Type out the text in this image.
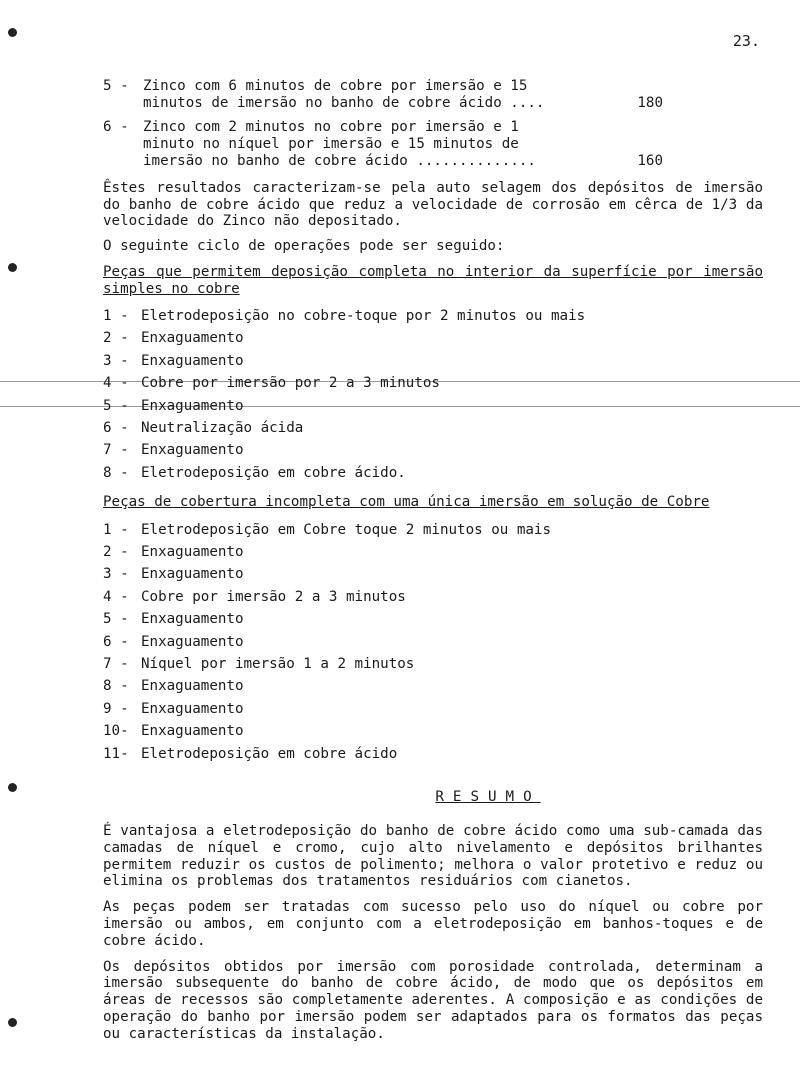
23.
5 -	Zinco com 6 minutos de cobre por imersão e 15
minutos de imersão no banho de cobre ácido ....	180
6 -	Zinco com 2 minutos no cobre por imersão e 1
minuto no níquel por imersão e 15 minutos de
imersão no banho de cobre ácido ..............	160
Êstes resultados caracterizam-se pela auto selagem dos depósitos de imersão do banho de cobre ácido que reduz a velocidade de corrosão em cêrca de 1/3 da velocidade do Zinco não depositado.
O seguinte ciclo de operações pode ser seguido:
Peças que permitem deposição completa no interior da superfície por imersão simples no cobre
1 - Eletrodeposição no cobre-toque por 2 minutos ou mais
2 - Enxaguamento
3 - Enxaguamento
4 - Cobre por imersão por 2 a 3 minutos
5 - Enxaguamento
6 - Neutralização ácida
7 - Enxaguamento
8 - Eletrodeposição em cobre ácido.
Peças de cobertura incompleta com uma única imersão em solução de Cobre
1 - Eletrodeposição em Cobre toque 2 minutos ou mais
2 - Enxaguamento
3 - Enxaguamento
4 - Cobre por imersão 2 a 3 minutos
5 - Enxaguamento
6 - Enxaguamento
7 - Níquel por imersão 1 a 2 minutos
8 - Enxaguamento
9 - Enxaguamento
10- Enxaguamento
11- Eletrodeposição em cobre ácido
RESUMO
É vantajosa a eletrodeposição do banho de cobre ácido como uma sub-camada das camadas de níquel e cromo, cujo alto nivelamento e depósitos brilhantes permitem reduzir os custos de polimento; melhora o valor protetivo e reduz ou elimina os problemas dos tratamentos residuários com cianetos.
As peças podem ser tratadas com sucesso pelo uso do níquel ou cobre por imersão ou ambos, em conjunto com a eletrodeposição em banhos-toques e de cobre ácido.
Os depósitos obtidos por imersão com porosidade controlada, determinam a imersão subsequente do banho de cobre ácido, de modo que os depósitos em áreas de recessos são completamente aderentes. A composição e as condições de operação do banho por imersão podem ser adaptados para os formatos das peças ou características da instalação.
